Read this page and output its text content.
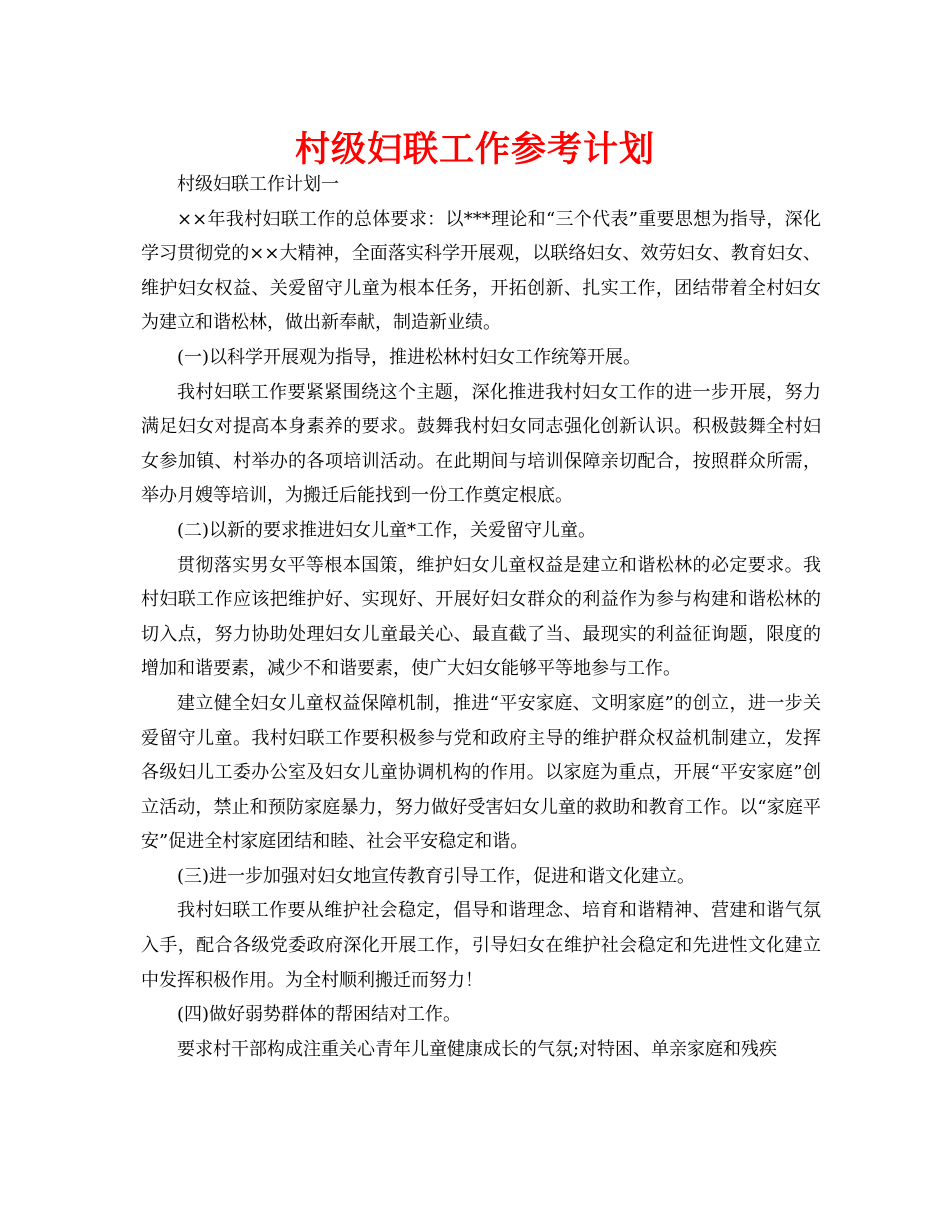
村级妇联工作参考计划

村级妇联工作计划一

××年我村妇联工作的总体要求：以***理论和“三个代表”重要思想为指导，深化学习贯彻党的××大精神，全面落实科学开展观，以联络妇女、效劳妇女、教育妇女、维护妇女权益、关爱留守儿童为根本任务，开拓创新、扎实工作，团结带着全村妇女为建立和谐松林，做出新奉献，制造新业绩。

(一)以科学开展观为指导，推进松林村妇女工作统筹开展。

我村妇联工作要紧紧围绕这个主题，深化推进我村妇女工作的进一步开展，努力满足妇女对提高本身素养的要求。鼓舞我村妇女同志强化创新认识。积极鼓舞全村妇女参加镇、村举办的各项培训活动。在此期间与培训保障亲切配合，按照群众所需，举办月嫂等培训，为搬迁后能找到一份工作奠定根底。

(二)以新的要求推进妇女儿童*工作，关爱留守儿童。

贯彻落实男女平等根本国策，维护妇女儿童权益是建立和谐松林的必定要求。我村妇联工作应该把维护好、实现好、开展好妇女群众的利益作为参与构建和谐松林的切入点，努力协助处理妇女儿童最关心、最直截了当、最现实的利益征询题，限度的增加和谐要素，减少不和谐要素，使广大妇女能够平等地参与工作。

建立健全妇女儿童权益保障机制，推进“平安家庭、文明家庭”的创立，进一步关爱留守儿童。我村妇联工作要积极参与党和政府主导的维护群众权益机制建立，发挥各级妇儿工委办公室及妇女儿童协调机构的作用。以家庭为重点，开展“平安家庭”创立活动，禁止和预防家庭暴力，努力做好受害妇女儿童的救助和教育工作。以“家庭平安”促进全村家庭团结和睦、社会平安稳定和谐。

(三)进一步加强对妇女地宣传教育引导工作，促进和谐文化建立。

我村妇联工作要从维护社会稳定，倡导和谐理念、培育和谐精神、营建和谐气氛入手，配合各级党委政府深化开展工作，引导妇女在维护社会稳定和先进性文化建立中发挥积极作用。为全村顺利搬迁而努力！

(四)做好弱势群体的帮困结对工作。

要求村干部构成注重关心青年儿童健康成长的气氛;对特困、单亲家庭和残疾
